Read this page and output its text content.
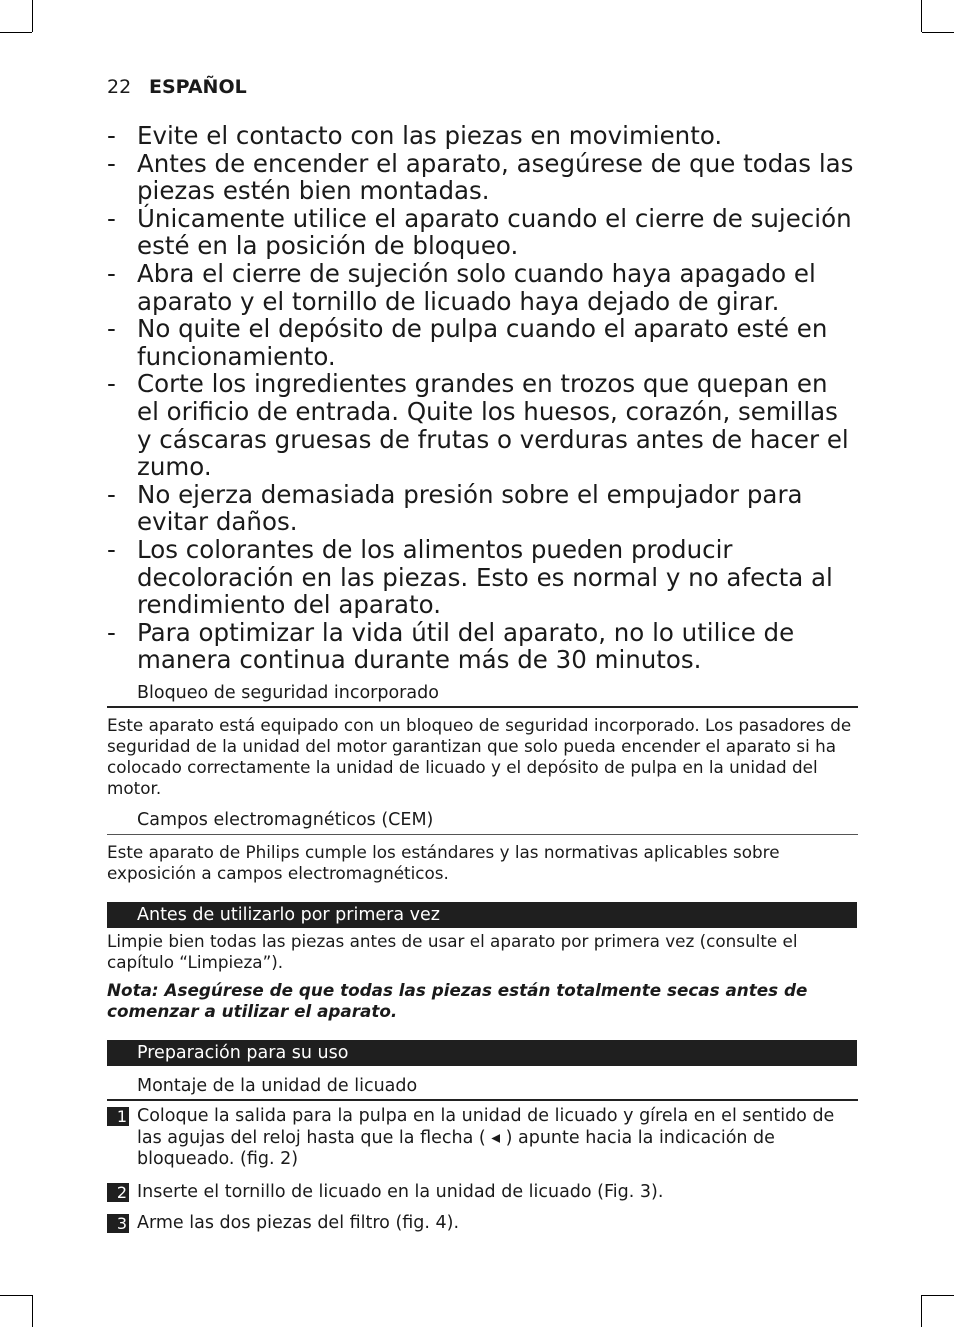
22 ESPAÑOL
- Evite el contacto con las piezas en movimiento.
- Antes de encender el aparato, asegúrese de que todas las piezas estén bien montadas.
- Únicamente utilice el aparato cuando el cierre de sujeción esté en la posición de bloqueo.
- Abra el cierre de sujeción solo cuando haya apagado el aparato y el tornillo de licuado haya dejado de girar.
- No quite el depósito de pulpa cuando el aparato esté en funcionamiento.
- Corte los ingredientes grandes en trozos que quepan en el orificio de entrada. Quite los huesos, corazón, semillas y cáscaras gruesas de frutas o verduras antes de hacer el zumo.
- No ejerza demasiada presión sobre el empujador para evitar daños.
- Los colorantes de los alimentos pueden producir decoloración en las piezas. Esto es normal y no afecta al rendimiento del aparato.
- Para optimizar la vida útil del aparato, no lo utilice de manera continua durante más de 30 minutos.
Bloqueo de seguridad incorporado
Este aparato está equipado con un bloqueo de seguridad incorporado. Los pasadores de seguridad de la unidad del motor garantizan que solo pueda encender el aparato si ha colocado correctamente la unidad de licuado y el depósito de pulpa en la unidad del motor.
Campos electromagnéticos (CEM)
Este aparato de Philips cumple los estándares y las normativas aplicables sobre exposición a campos electromagnéticos.
Antes de utilizarlo por primera vez
Limpie bien todas las piezas antes de usar el aparato por primera vez (consulte el capítulo “Limpieza”).
Nota: Asegúrese de que todas las piezas están totalmente secas antes de comenzar a utilizar el aparato.
Preparación para su uso
Montaje de la unidad de licuado
1 Coloque la salida para la pulpa en la unidad de licuado y gírela en el sentido de las agujas del reloj hasta que la flecha ( ◂ ) apunte hacia la indicación de bloqueado. (fig. 2)
2 Inserte el tornillo de licuado en la unidad de licuado (Fig. 3).
3 Arme las dos piezas del filtro (fig. 4).
